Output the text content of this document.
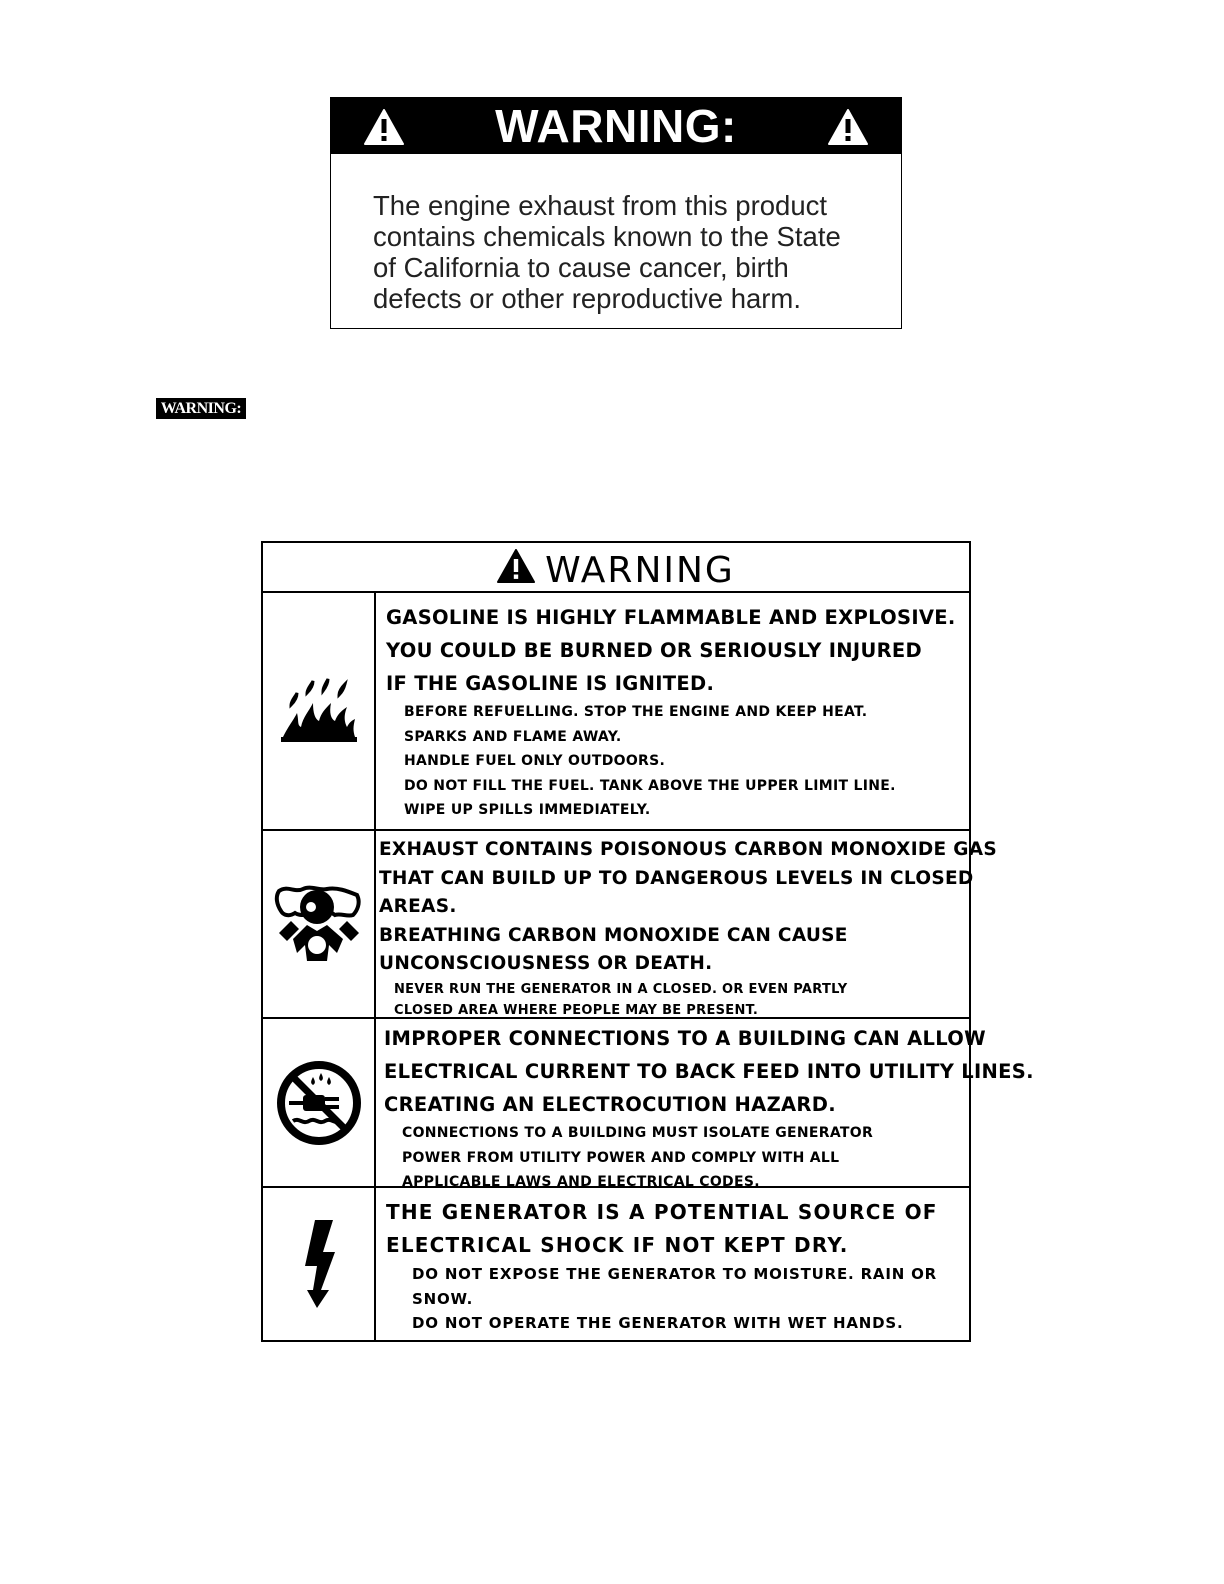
WARNING:
The engine exhaust from this product
contains chemicals known to the State
of California to cause cancer, birth
defects or other reproductive harm.
WARNING:
WARNING
GASOLINE IS HIGHLY FLAMMABLE AND EXPLOSIVE.
YOU COULD BE BURNED OR SERIOUSLY INJURED
IF THE GASOLINE IS IGNITED.
BEFORE REFUELLING. STOP THE ENGINE AND KEEP HEAT.
SPARKS AND FLAME AWAY.
HANDLE FUEL ONLY OUTDOORS.
DO NOT FILL THE FUEL. TANK ABOVE THE UPPER LIMIT LINE.
WIPE UP SPILLS IMMEDIATELY.
EXHAUST CONTAINS POISONOUS CARBON MONOXIDE GAS
THAT CAN BUILD UP TO DANGEROUS LEVELS IN CLOSED
AREAS.
BREATHING CARBON MONOXIDE CAN CAUSE
UNCONSCIOUSNESS OR DEATH.
NEVER RUN THE GENERATOR IN A CLOSED. OR EVEN PARTLY
CLOSED AREA WHERE PEOPLE MAY BE PRESENT.
IMPROPER CONNECTIONS TO A BUILDING CAN ALLOW
ELECTRICAL CURRENT TO BACK FEED INTO UTILITY LINES.
CREATING AN ELECTROCUTION HAZARD.
CONNECTIONS TO A BUILDING MUST ISOLATE GENERATOR
POWER FROM UTILITY POWER AND COMPLY WITH ALL
APPLICABLE LAWS AND ELECTRICAL CODES.
THE GENERATOR IS A POTENTIAL SOURCE OF
ELECTRICAL SHOCK IF NOT KEPT DRY.
DO NOT EXPOSE THE GENERATOR TO MOISTURE. RAIN OR
SNOW.
DO NOT OPERATE THE GENERATOR WITH WET HANDS.
